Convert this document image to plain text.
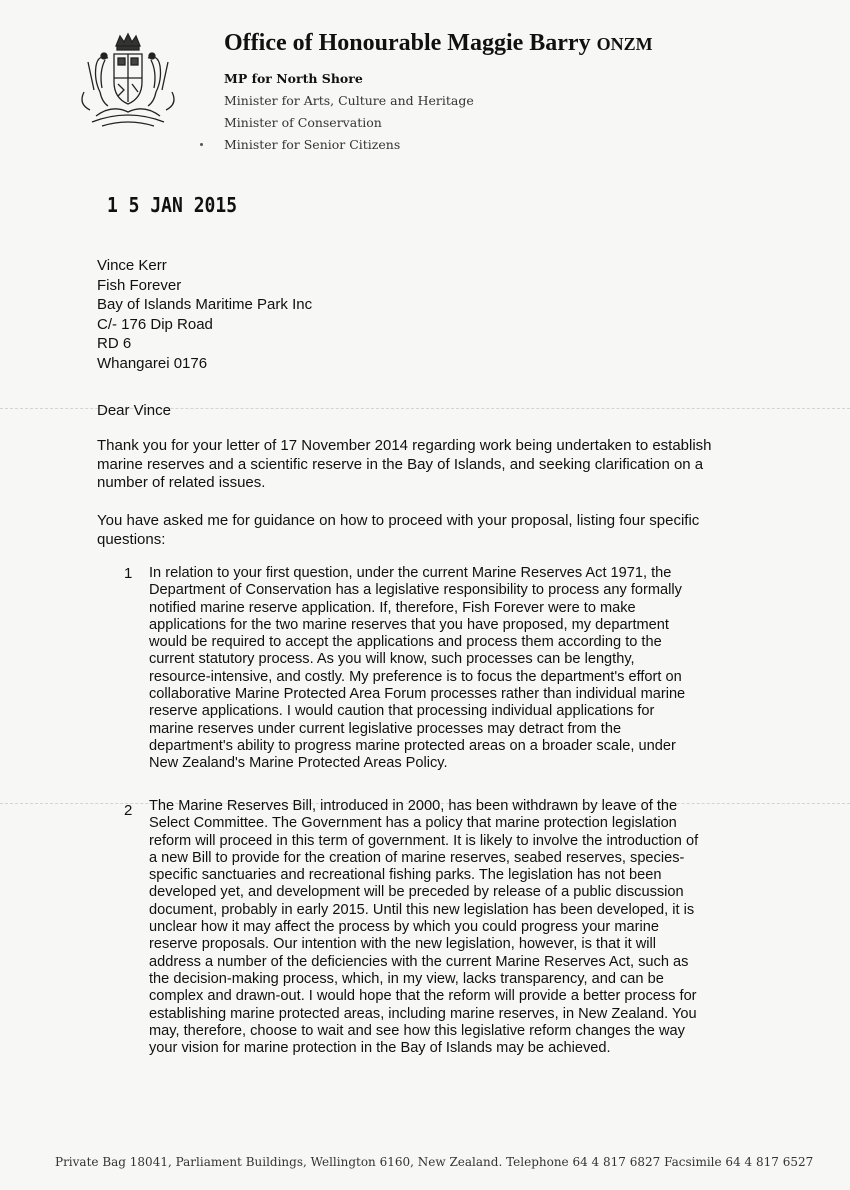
Office of Honourable Maggie Barry ONZM
MP for North Shore
Minister for Arts, Culture and Heritage
Minister of Conservation
Minister for Senior Citizens
1 5 JAN 2015
Vince Kerr
Fish Forever
Bay of Islands Maritime Park Inc
C/- 176 Dip Road
RD 6
Whangarei 0176
Dear Vince
Thank you for your letter of 17 November 2014 regarding work being undertaken to establish
marine reserves and a scientific reserve in the Bay of Islands, and seeking clarification on a
number of related issues.
You have asked me for guidance on how to proceed with your proposal, listing four specific
questions:
1 In relation to your first question, under the current Marine Reserves Act 1971, the
Department of Conservation has a legislative responsibility to process any formally
notified marine reserve application. If, therefore, Fish Forever were to make
applications for the two marine reserves that you have proposed, my department
would be required to accept the applications and process them according to the
current statutory process. As you will know, such processes can be lengthy,
resource-intensive, and costly. My preference is to focus the department's effort on
collaborative Marine Protected Area Forum processes rather than individual marine
reserve applications. I would caution that processing individual applications for
marine reserves under current legislative processes may detract from the
department's ability to progress marine protected areas on a broader scale, under
New Zealand's Marine Protected Areas Policy.
2 The Marine Reserves Bill, introduced in 2000, has been withdrawn by leave of the
Select Committee. The Government has a policy that marine protection legislation
reform will proceed in this term of government. It is likely to involve the introduction of
a new Bill to provide for the creation of marine reserves, seabed reserves, species-
specific sanctuaries and recreational fishing parks. The legislation has not been
developed yet, and development will be preceded by release of a public discussion
document, probably in early 2015. Until this new legislation has been developed, it is
unclear how it may affect the process by which you could progress your marine
reserve proposals. Our intention with the new legislation, however, is that it will
address a number of the deficiencies with the current Marine Reserves Act, such as
the decision-making process, which, in my view, lacks transparency, and can be
complex and drawn-out. I would hope that the reform will provide a better process for
establishing marine protected areas, including marine reserves, in New Zealand. You
may, therefore, choose to wait and see how this legislative reform changes the way
your vision for marine protection in the Bay of Islands may be achieved.
Private Bag 18041, Parliament Buildings, Wellington 6160, New Zealand. Telephone 64 4 817 6827 Facsimile 64 4 817 6527
